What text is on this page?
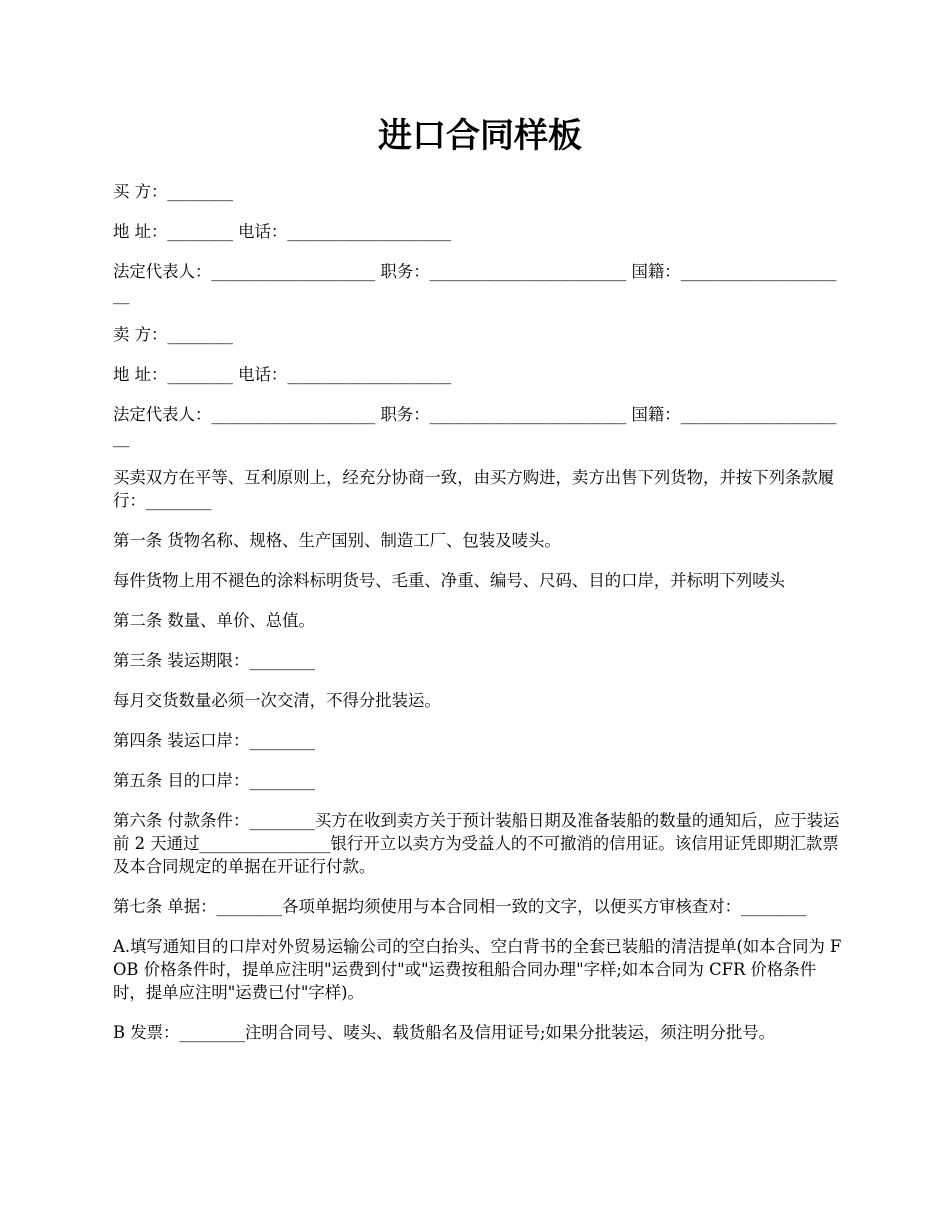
进口合同样板

买 方：________

地 址：________ 电话：____________________

法定代表人：____________________ 职务：________________________ 国籍：_____________________

卖 方：________

地 址：________ 电话：____________________

法定代表人：____________________ 职务：________________________ 国籍：_____________________

买卖双方在平等、互利原则上，经充分协商一致，由买方购进，卖方出售下列货物，并按下列条款履行：________

第一条 货物名称、规格、生产国别、制造工厂、包装及唛头。

每件货物上用不褪色的涂料标明货号、毛重、净重、编号、尺码、目的口岸，并标明下列唛头

第二条 数量、单价、总值。

第三条 装运期限：________

每月交货数量必须一次交清，不得分批装运。

第四条 装运口岸：________

第五条 目的口岸：________

第六条 付款条件：________买方在收到卖方关于预计装船日期及准备装船的数量的通知后，应于装运前 2 天通过________________银行开立以卖方为受益人的不可撤消的信用证。该信用证凭即期汇款票及本合同规定的单据在开证行付款。

第七条 单据：________各项单据均须使用与本合同相一致的文字，以便买方审核查对：________

A.填写通知目的口岸对外贸易运输公司的空白抬头、空白背书的全套已装船的清洁提单(如本合同为 FOB 价格条件时，提单应注明"运费到付"或"运费按租船合同办理"字样;如本合同为 CFR 价格条件时，提单应注明"运费已付"字样)。

B 发票：________注明合同号、唛头、载货船名及信用证号;如果分批装运，须注明分批号。
